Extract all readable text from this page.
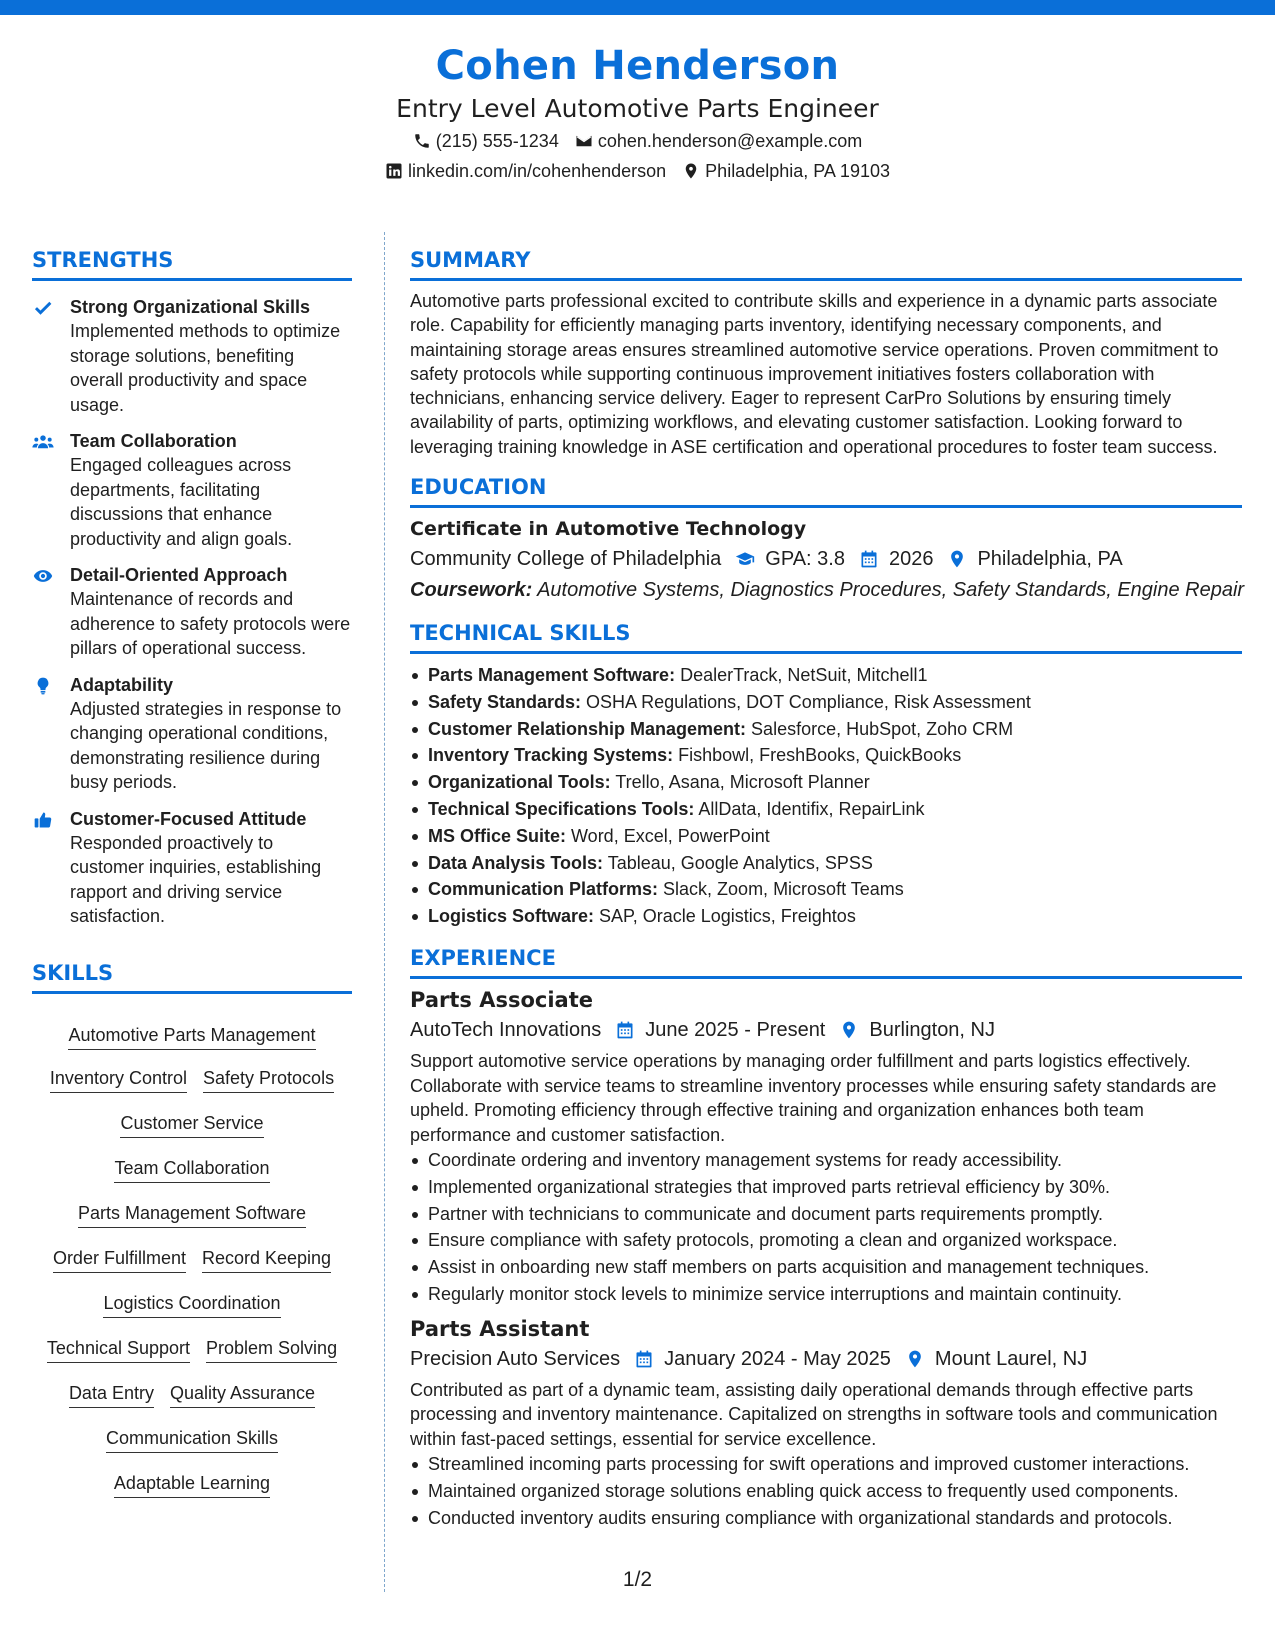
Cohen Henderson
Entry Level Automotive Parts Engineer
(215) 555-1234 cohen.henderson@example.com
linkedin.com/in/cohenhenderson Philadelphia, PA 19103
STRENGTHS
Strong Organizational Skills
Implemented methods to optimize storage solutions, benefiting overall productivity and space usage.
Team Collaboration
Engaged colleagues across departments, facilitating discussions that enhance productivity and align goals.
Detail-Oriented Approach
Maintenance of records and adherence to safety protocols were pillars of operational success.
Adaptability
Adjusted strategies in response to changing operational conditions, demonstrating resilience during busy periods.
Customer-Focused Attitude
Responded proactively to customer inquiries, establishing rapport and driving service satisfaction.
SKILLS
Automotive Parts Management
Inventory Control Safety Protocols
Customer Service
Team Collaboration
Parts Management Software
Order Fulfillment Record Keeping
Logistics Coordination
Technical Support Problem Solving
Data Entry Quality Assurance
Communication Skills
Adaptable Learning
SUMMARY
Automotive parts professional excited to contribute skills and experience in a dynamic parts associate role. Capability for efficiently managing parts inventory, identifying necessary components, and maintaining storage areas ensures streamlined automotive service operations. Proven commitment to safety protocols while supporting continuous improvement initiatives fosters collaboration with technicians, enhancing service delivery. Eager to represent CarPro Solutions by ensuring timely availability of parts, optimizing workflows, and elevating customer satisfaction. Looking forward to leveraging training knowledge in ASE certification and operational procedures to foster team success.
EDUCATION
Certificate in Automotive Technology
Community College of Philadelphia GPA: 3.8 2026 Philadelphia, PA
Coursework: Automotive Systems, Diagnostics Procedures, Safety Standards, Engine Repair
TECHNICAL SKILLS
Parts Management Software: DealerTrack, NetSuit, Mitchell1
Safety Standards: OSHA Regulations, DOT Compliance, Risk Assessment
Customer Relationship Management: Salesforce, HubSpot, Zoho CRM
Inventory Tracking Systems: Fishbowl, FreshBooks, QuickBooks
Organizational Tools: Trello, Asana, Microsoft Planner
Technical Specifications Tools: AllData, Identifix, RepairLink
MS Office Suite: Word, Excel, PowerPoint
Data Analysis Tools: Tableau, Google Analytics, SPSS
Communication Platforms: Slack, Zoom, Microsoft Teams
Logistics Software: SAP, Oracle Logistics, Freightos
EXPERIENCE
Parts Associate
AutoTech Innovations June 2025 - Present Burlington, NJ
Support automotive service operations by managing order fulfillment and parts logistics effectively. Collaborate with service teams to streamline inventory processes while ensuring safety standards are upheld. Promoting efficiency through effective training and organization enhances both team performance and customer satisfaction.
Coordinate ordering and inventory management systems for ready accessibility.
Implemented organizational strategies that improved parts retrieval efficiency by 30%.
Partner with technicians to communicate and document parts requirements promptly.
Ensure compliance with safety protocols, promoting a clean and organized workspace.
Assist in onboarding new staff members on parts acquisition and management techniques.
Regularly monitor stock levels to minimize service interruptions and maintain continuity.
Parts Assistant
Precision Auto Services January 2024 - May 2025 Mount Laurel, NJ
Contributed as part of a dynamic team, assisting daily operational demands through effective parts processing and inventory maintenance. Capitalized on strengths in software tools and communication within fast-paced settings, essential for service excellence.
Streamlined incoming parts processing for swift operations and improved customer interactions.
Maintained organized storage solutions enabling quick access to frequently used components.
Conducted inventory audits ensuring compliance with organizational standards and protocols.
1/2
